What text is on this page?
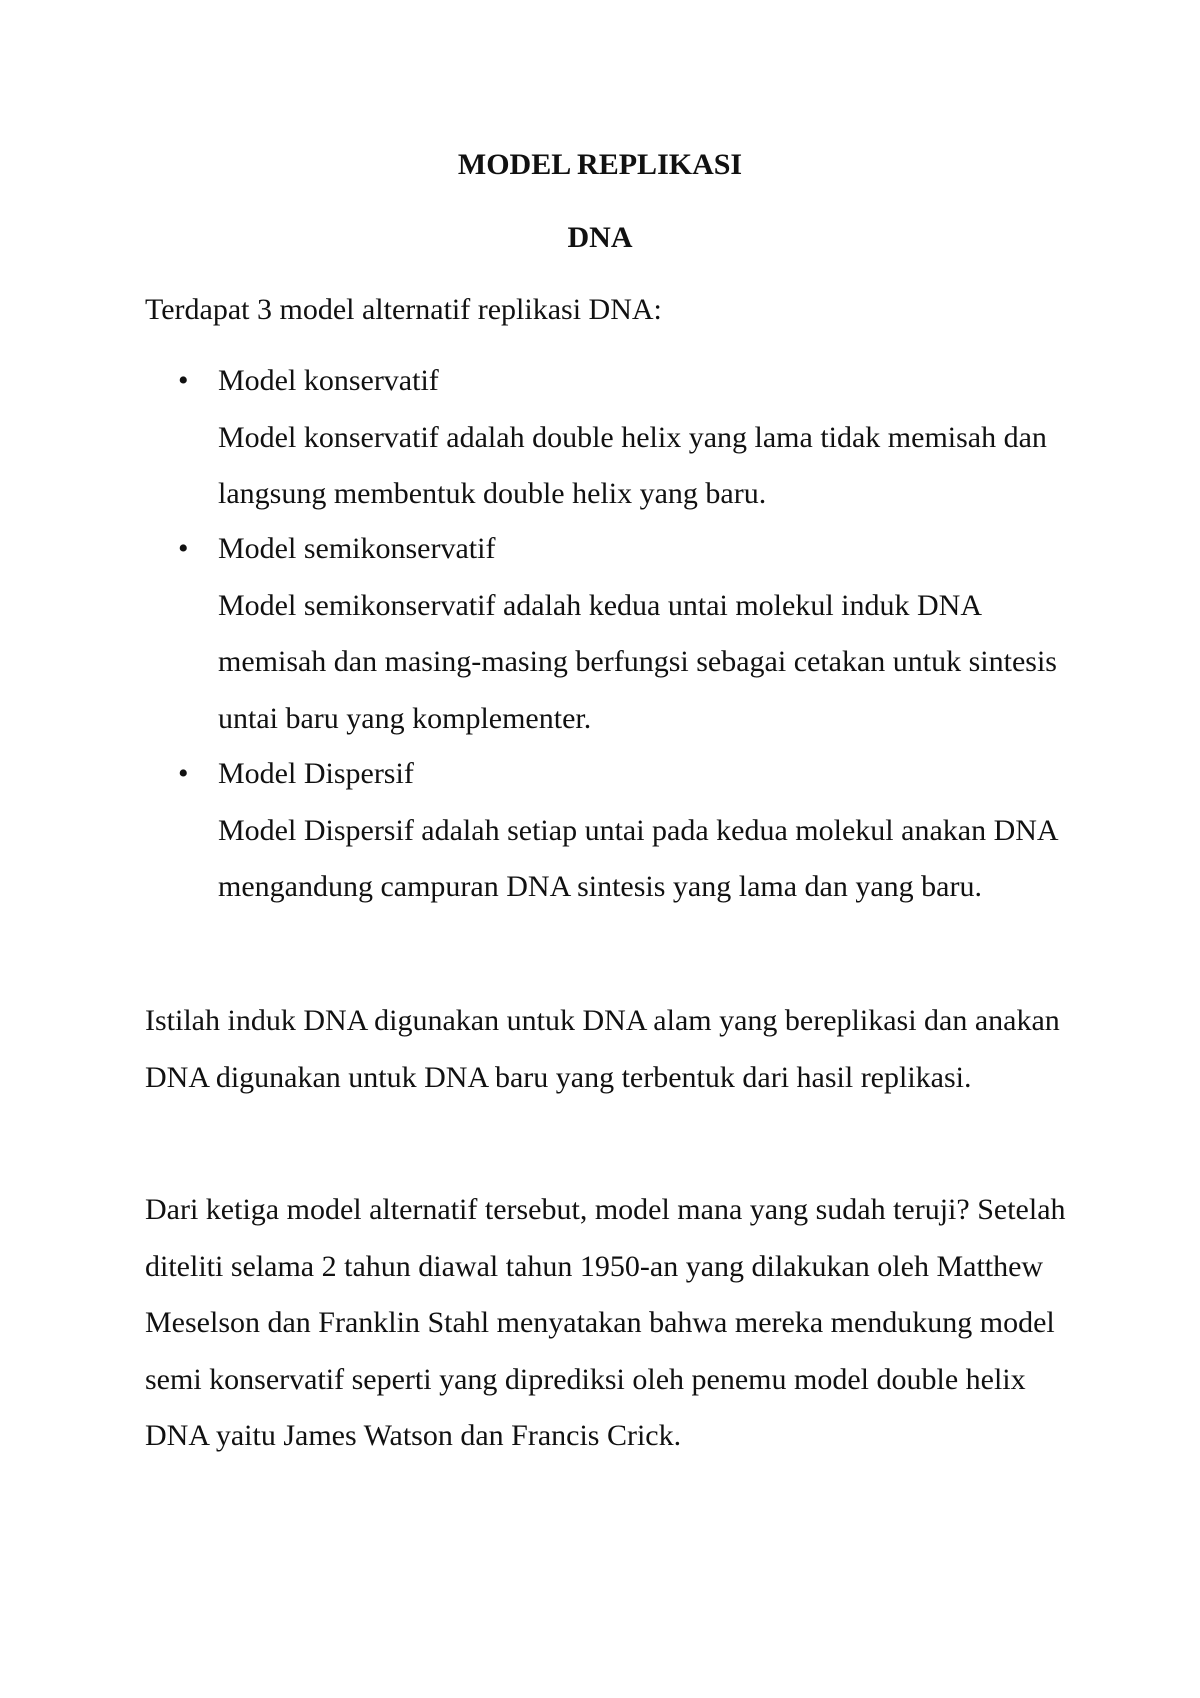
MODEL REPLIKASI
DNA

Terdapat 3 model alternatif replikasi DNA:

• Model konservatif
Model konservatif adalah double helix yang lama tidak memisah dan langsung membentuk double helix yang baru.
• Model semikonservatif
Model semikonservatif adalah kedua untai molekul induk DNA memisah dan masing-masing berfungsi sebagai cetakan untuk sintesis untai baru yang komplementer.
• Model Dispersif
Model Dispersif adalah setiap untai pada kedua molekul anakan DNA mengandung campuran DNA sintesis yang lama dan yang baru.

Istilah induk DNA digunakan untuk DNA alam yang bereplikasi dan anakan DNA digunakan untuk DNA baru yang terbentuk dari hasil replikasi.

Dari ketiga model alternatif tersebut, model mana yang sudah teruji? Setelah diteliti selama 2 tahun diawal tahun 1950-an yang dilakukan oleh Matthew Meselson dan Franklin Stahl menyatakan bahwa mereka mendukung model semi konservatif seperti yang diprediksi oleh penemu model double helix DNA yaitu James Watson dan Francis Crick.
